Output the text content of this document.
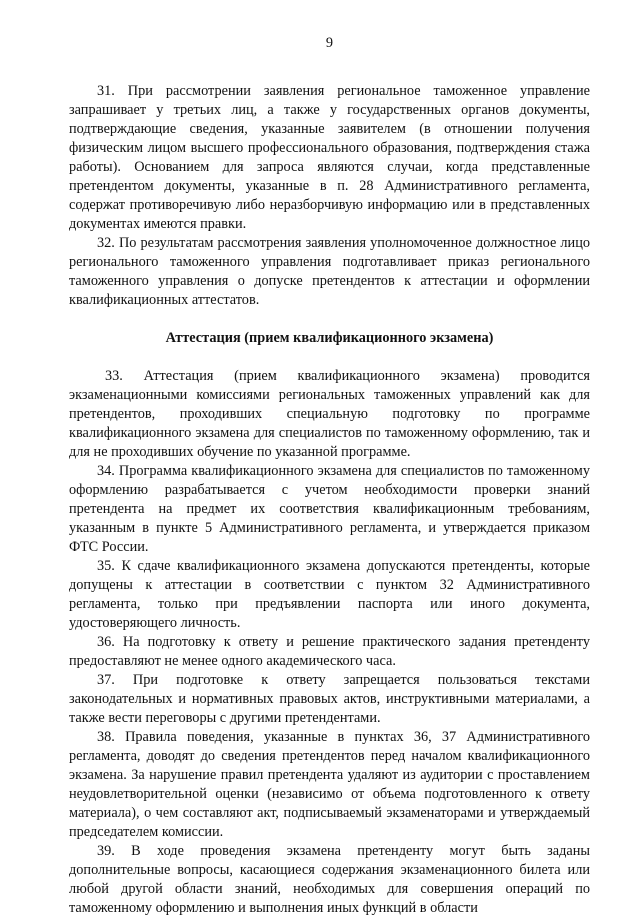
9

31. При рассмотрении заявления региональное таможенное управление запрашивает у третьих лиц, а также у государственных органов документы, подтверждающие сведения, указанные заявителем (в отношении получения физическим лицом высшего профессионального образования, подтверждения стажа работы). Основанием для запроса являются случаи, когда представленные претендентом документы, указанные в п. 28 Административного регламента, содержат противоречивую либо неразборчивую информацию или в представленных документах имеются правки.

32. По результатам рассмотрения заявления уполномоченное должностное лицо регионального таможенного управления подготавливает приказ регионального таможенного управления о допуске претендентов к аттестации и оформлении квалификационных аттестатов.

Аттестация (прием квалификационного экзамена)

33. Аттестация (прием квалификационного экзамена) проводится экзаменационными комиссиями региональных таможенных управлений как для претендентов, проходивших специальную подготовку по программе квалификационного экзамена для специалистов по таможенному оформлению, так и для не проходивших обучение по указанной программе.

34. Программа квалификационного экзамена для специалистов по таможенному оформлению разрабатывается с учетом необходимости проверки знаний претендента на предмет их соответствия квалификационным требованиям, указанным в пункте 5 Административного регламента, и утверждается приказом ФТС России.

35. К сдаче квалификационного экзамена допускаются претенденты, которые допущены к аттестации в соответствии с пунктом 32 Административного регламента, только при предъявлении паспорта или иного документа, удостоверяющего личность.

36. На подготовку к ответу и решение практического задания претенденту предоставляют не менее одного академического часа.

37. При подготовке к ответу запрещается пользоваться текстами законодательных и нормативных правовых актов, инструктивными материалами, а также вести переговоры с другими претендентами.

38. Правила поведения, указанные в пунктах 36, 37 Административного регламента, доводят до сведения претендентов перед началом квалификационного экзамена. За нарушение правил претендента удаляют из аудитории с проставлением неудовлетворительной оценки (независимо от объема подготовленного к ответу материала), о чем составляют акт, подписываемый экзаменаторами и утверждаемый председателем комиссии.

39. В ходе проведения экзамена претенденту могут быть заданы дополнительные вопросы, касающиеся содержания экзаменационного билета или любой другой области знаний, необходимых для совершения операций по таможенному оформлению и выполнения иных функций в области
